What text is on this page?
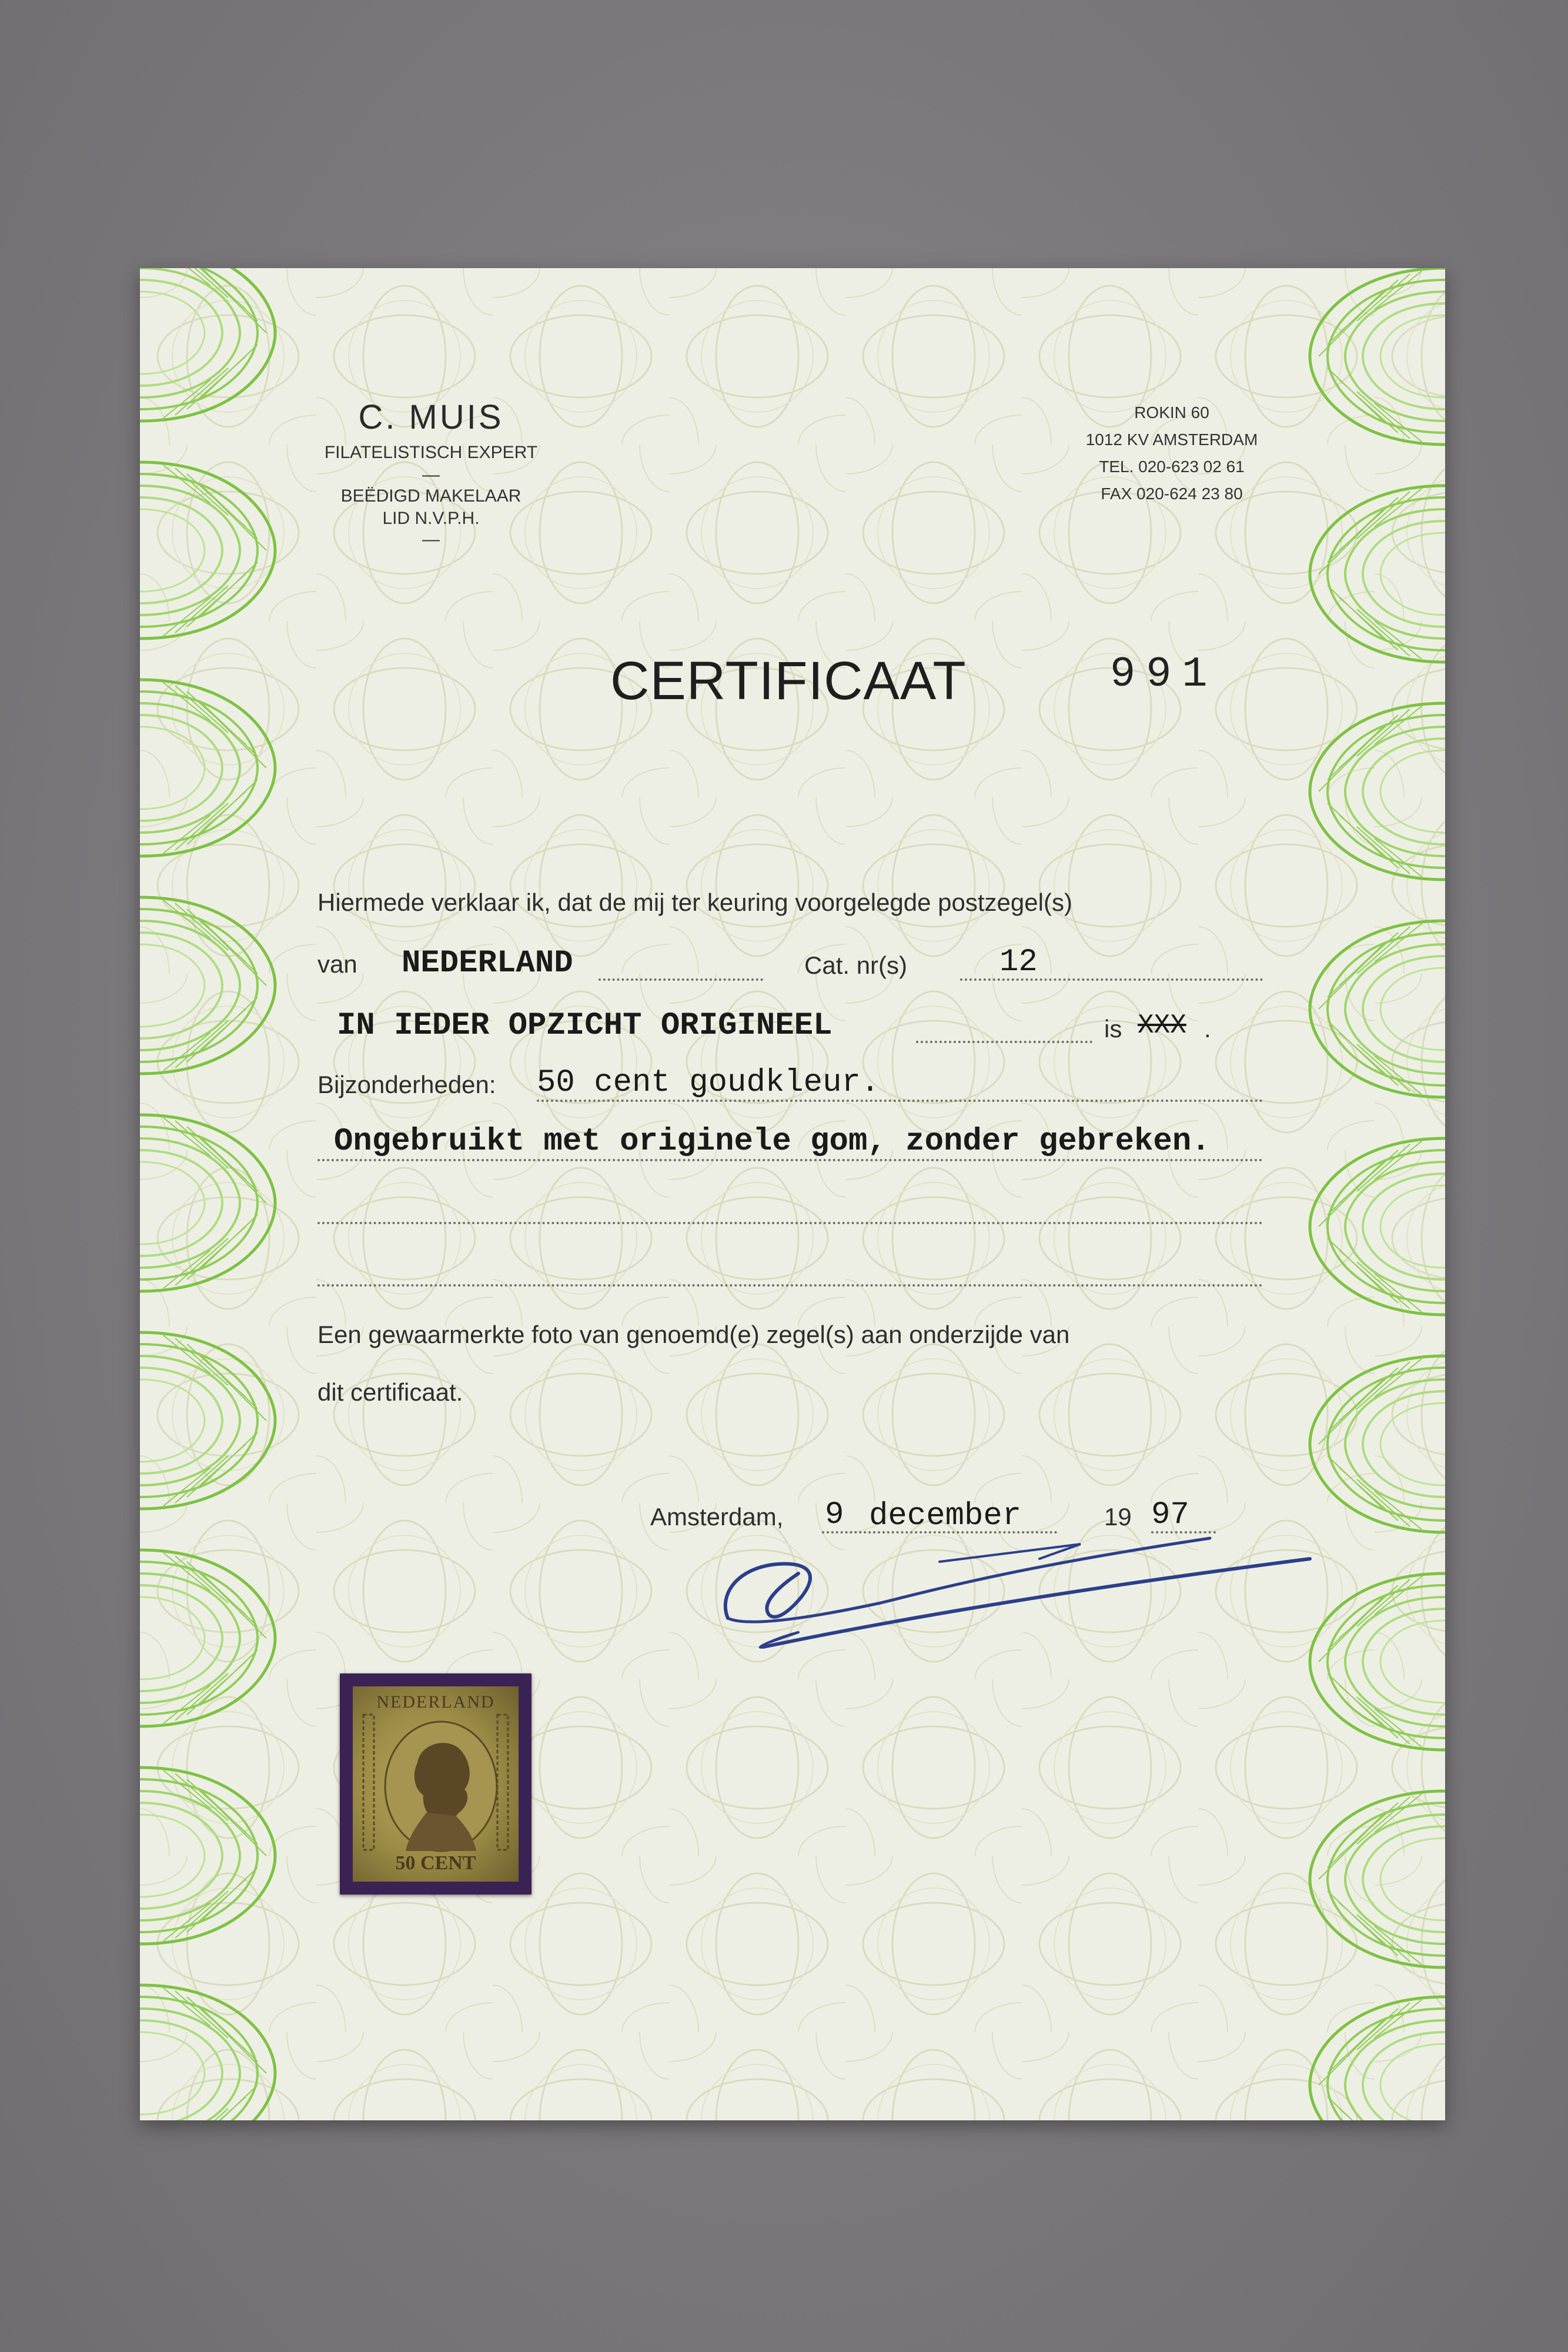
C. MUIS
FILATELISTISCH EXPERT
—
BEËDIGD MAKELAAR
LID N.V.P.H.
—
ROKIN 60
1012 KV AMSTERDAM
TEL. 020-623 02 61
FAX 020-624 23 80
CERTIFICAAT	991
Hiermede verklaar ik, dat de mij ter keuring voorgelegde postzegel(s)
van NEDERLAND	Cat. nr(s)	12
IN IEDER OPZICHT ORIGINEEL	is XXX .
Bijzonderheden: 50 cent goudkleur.
Ongebruikt met originele gom, zonder gebreken.
Een gewaarmerkte foto van genoemd(e) zegel(s) aan onderzijde van
dit certificaat.
Amsterdam, 9 december	19 97
NEDERLAND
50 CENT
